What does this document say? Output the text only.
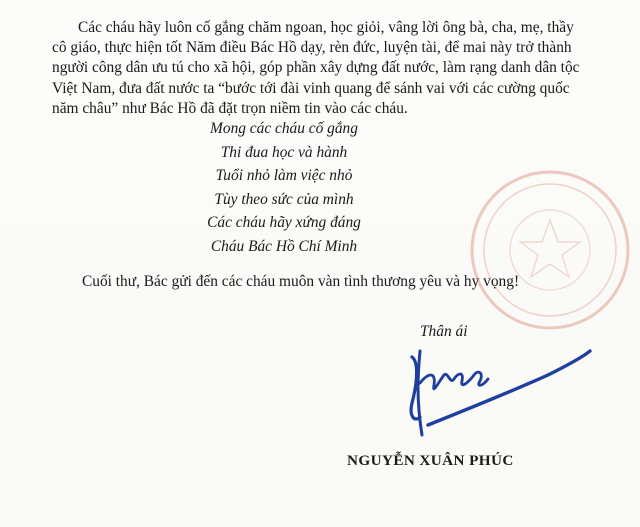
Các cháu hãy luôn cố gắng chăm ngoan, học giỏi, vâng lời ông bà, cha, mẹ, thầy
cô giáo, thực hiện tốt Năm điều Bác Hồ dạy, rèn đức, luyện tài, để mai này trở thành
người công dân ưu tú cho xã hội, góp phần xây dựng đất nước, làm rạng danh dân tộc
Việt Nam, đưa đất nước ta “bước tới đài vinh quang để sánh vai với các cường quốc
năm châu” như Bác Hồ đã đặt trọn niềm tin vào các cháu.
Mong các cháu cố gắng
Thi đua học và hành
Tuổi nhỏ làm việc nhỏ
Tùy theo sức của mình
Các cháu hãy xứng đáng
Cháu Bác Hồ Chí Minh
Cuối thư, Bác gửi đến các cháu muôn vàn tình thương yêu và hy vọng!
Thân ái
NGUYỄN XUÂN PHÚC
